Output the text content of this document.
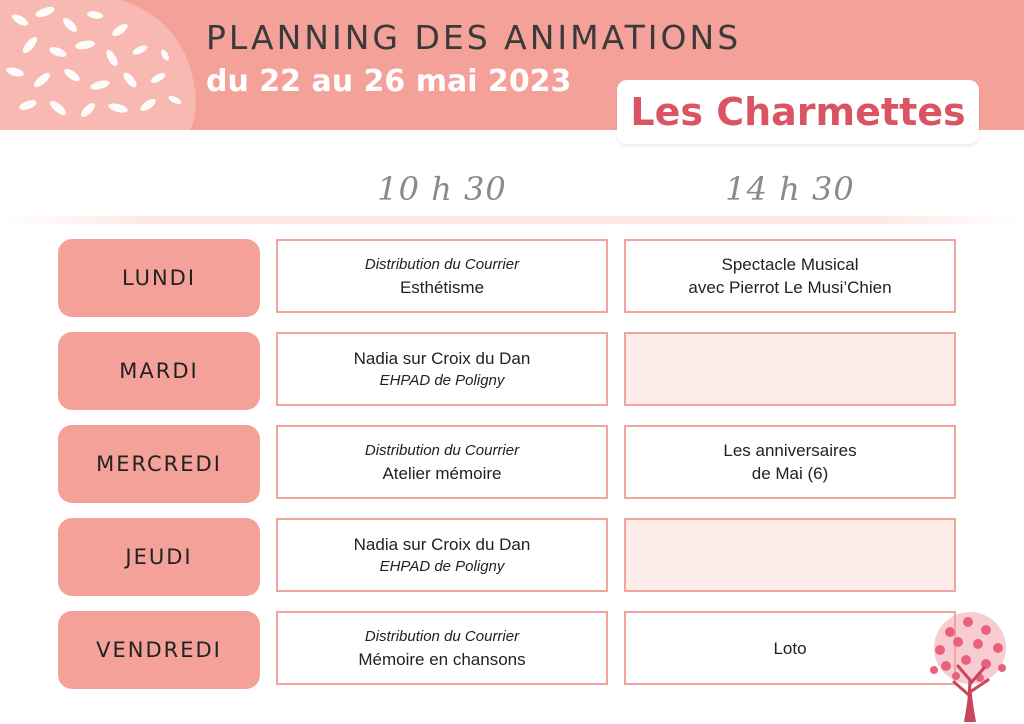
PLANNING DES ANIMATIONS
du 22 au 26 mai 2023
Les Charmettes
10 h 30	14 h 30
LUNDI
Distribution du Courrier
Esthétisme
Spectacle Musical
avec Pierrot Le Musi’Chien
MARDI
Nadia sur Croix du Dan
EHPAD de Poligny
MERCREDI
Distribution du Courrier
Atelier mémoire
Les anniversaires
de Mai (6)
JEUDI
Nadia sur Croix du Dan
EHPAD de Poligny
VENDREDI
Distribution du Courrier
Mémoire en chansons
Loto
